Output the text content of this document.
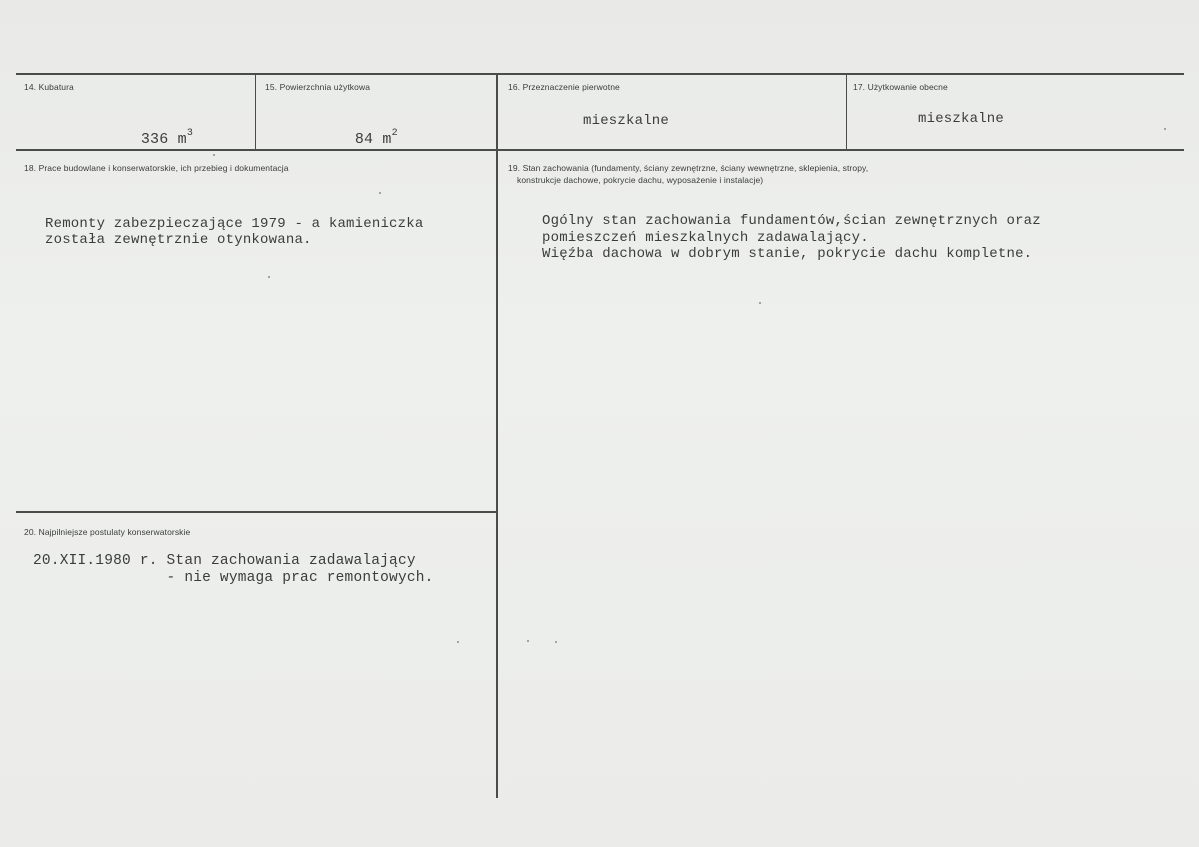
14. Kubatura

336 $m^3$

15. Powierzchnia użytkowa

84 $m^2$

16. Przeznaczenie pierwotne
mieszkalne
17. Użytkowanie obecne
mieszkalne
18. Prace budowlane i konserwatorskie, ich przebieg i dokumentacja
Remonty zabezpieczające 1979 - a kamieniczka
została zewnętrznie otynkowana.
19. Stan zachowania (fundamenty, ściany zewnętrzne, ściany wewnętrzne, sklepienia, stropy,
konstrukcje dachowe, pokrycie dachu, wyposażenie i instalacje)
Ogólny stan zachowania fundamentów,ścian zewnętrznych oraz
pomieszczeń mieszkalnych zadawalający.
Więźba dachowa w dobrym stanie, pokrycie dachu kompletne.
20. Najpilniejsze postulaty konserwatorskie
20.XII.1980 r. Stan zachowania zadawalający
- nie wymaga prac remontowych.
